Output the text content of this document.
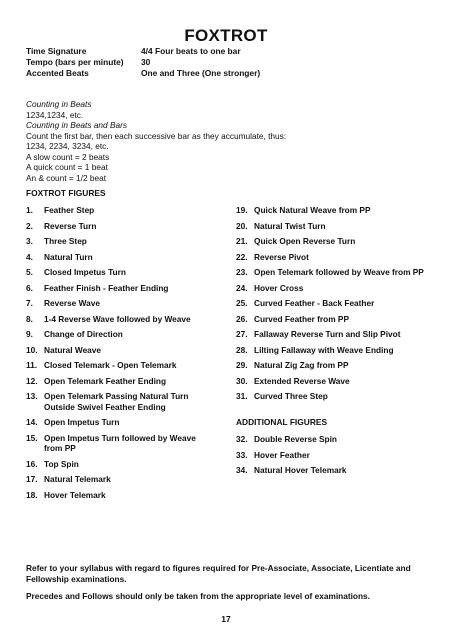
FOXTROT
Time Signature	4/4 Four beats to one bar
Tempo (bars per minute)	30
Accented Beats	One and Three (One stronger)
Counting in Beats
1234,1234, etc.
Counting in Beats and Bars
Count the first bar, then each successive bar as they accumulate, thus:
1234, 2234, 3234, etc.
A slow count = 2 beats
A quick count = 1 beat
An & count = 1/2 beat
FOXTROT FIGURES
1.	Feather Step
2.	Reverse Turn
3.	Three Step
4.	Natural Turn
5.	Closed Impetus Turn
6.	Feather Finish - Feather Ending
7.	Reverse Wave
8.	1-4 Reverse Wave followed by Weave
9.	Change of Direction
10. Natural Weave
11. Closed Telemark - Open Telemark
12. Open Telemark Feather Ending
13. Open Telemark Passing Natural Turn Outside Swivel Feather Ending
14. Open Impetus Turn
15. Open Impetus Turn followed by Weave from PP
16. Top Spin
17. Natural Telemark
18. Hover Telemark
19. Quick Natural Weave from PP
20. Natural Twist Turn
21. Quick Open Reverse Turn
22. Reverse Pivot
23. Open Telemark followed by Weave from PP
24. Hover Cross
25. Curved Feather - Back Feather
26. Curved Feather from PP
27. Fallaway Reverse Turn and Slip Pivot
28. Lilting Fallaway with Weave Ending
29. Natural Zig Zag from PP
30. Extended Reverse Wave
31. Curved Three Step
ADDITIONAL FIGURES
32. Double Reverse Spin
33. Hover Feather
34. Natural Hover Telemark

Refer to your syllabus with regard to figures required for Pre-Associate, Associate, Licentiate and Fellowship examinations.

Precedes and Follows should only be taken from the appropriate level of examinations.

17
